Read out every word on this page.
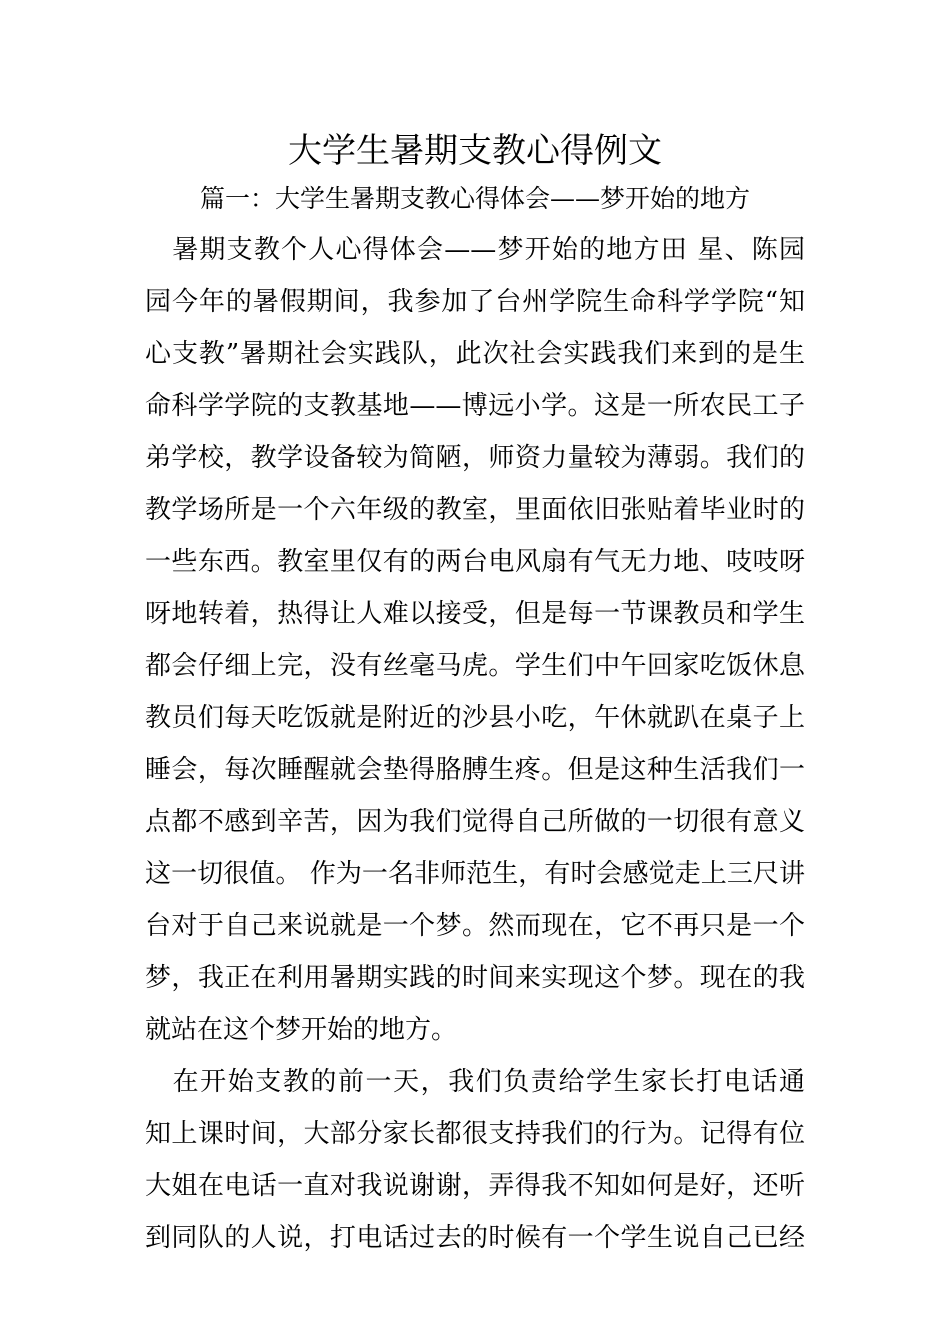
大学生暑期支教心得例文
篇一：大学生暑期支教心得体会——梦开始的地方
　暑期支教个人心得体会——梦开始的地方田 星、陈园
园今年的暑假期间，我参加了台州学院生命科学学院“知
心支教”暑期社会实践队，此次社会实践我们来到的是生
命科学学院的支教基地——博远小学。这是一所农民工子
弟学校，教学设备较为简陋，师资力量较为薄弱。我们的
教学场所是一个六年级的教室，里面依旧张贴着毕业时的
一些东西。教室里仅有的两台电风扇有气无力地、吱吱呀
呀地转着，热得让人难以接受，但是每一节课教员和学生
都会仔细上完，没有丝毫马虎。学生们中午回家吃饭休息
教员们每天吃饭就是附近的沙县小吃，午休就趴在桌子上
睡会，每次睡醒就会垫得胳膊生疼。但是这种生活我们一
点都不感到辛苦，因为我们觉得自己所做的一切很有意义
这一切很值。 作为一名非师范生，有时会感觉走上三尺讲
台对于自己来说就是一个梦。然而现在，它不再只是一个
梦，我正在利用暑期实践的时间来实现这个梦。现在的我
就站在这个梦开始的地方。
　在开始支教的前一天，我们负责给学生家长打电话通
知上课时间，大部分家长都很支持我们的行为。记得有位
大姐在电话一直对我说谢谢，弄得我不知如何是好，还听
到同队的人说，打电话过去的时候有一个学生说自己已经
